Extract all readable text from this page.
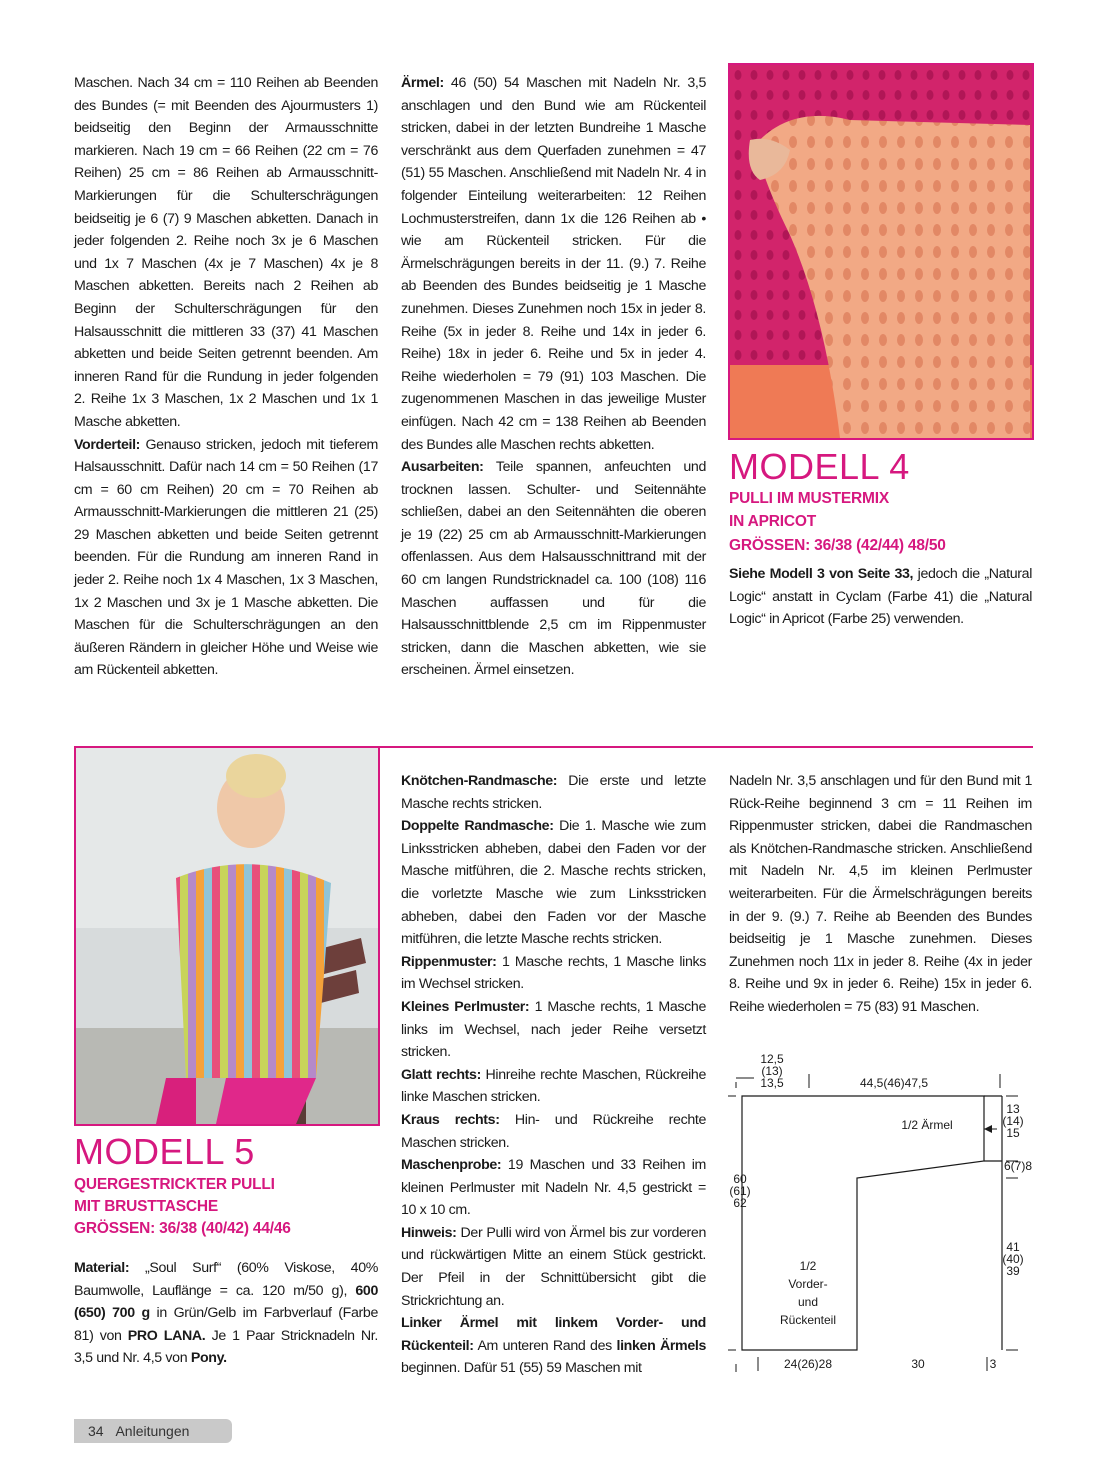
Maschen. Nach 34 cm = 110 Reihen ab Beenden des Bundes (= mit Beenden des Ajourmusters 1) beidseitig den Beginn der Armausschnitte markieren. Nach 19 cm = 66 Reihen (22 cm = 76 Reihen) 25 cm = 86 Reihen ab Armausschnitt-Markierungen für die Schulterschrägungen beidseitig je 6 (7) 9 Maschen abketten. Danach in jeder folgenden 2. Reihe noch 3x je 6 Maschen und 1x 7 Maschen (4x je 7 Maschen) 4x je 8 Maschen abketten. Bereits nach 2 Reihen ab Beginn der Schulterschrägungen für den Halsausschnitt die mittleren 33 (37) 41 Maschen abketten und beide Seiten getrennt beenden. Am inneren Rand für die Rundung in jeder folgenden 2. Reihe 1x 3 Maschen, 1x 2 Maschen und 1x 1 Masche abketten.

Vorderteil: Genauso stricken, jedoch mit tieferem Halsausschnitt. Dafür nach 14 cm = 50 Reihen (17 cm = 60 cm Reihen) 20 cm = 70 Reihen ab Armausschnitt-Markierungen die mittleren 21 (25) 29 Maschen abketten und beide Seiten getrennt beenden. Für die Rundung am inneren Rand in jeder 2. Reihe noch 1x 4 Maschen, 1x 3 Maschen, 1x 2 Maschen und 3x je 1 Masche abketten. Die Maschen für die Schulterschrägungen an den äußeren Rändern in gleicher Höhe und Weise wie am Rückenteil abketten.

Ärmel: 46 (50) 54 Maschen mit Nadeln Nr. 3,5 anschlagen und den Bund wie am Rückenteil stricken, dabei in der letzten Bundreihe 1 Masche verschränkt aus dem Querfaden zunehmen = 47 (51) 55 Maschen. Anschließend mit Nadeln Nr. 4 in folgender Einteilung weiterarbeiten: 12 Reihen Lochmusterstreifen, dann 1x die 126 Reihen ab • wie am Rückenteil stricken. Für die Ärmelschrägungen bereits in der 11. (9.) 7. Reihe ab Beenden des Bundes beidseitig je 1 Masche zunehmen. Dieses Zunehmen noch 15x in jeder 8. Reihe (5x in jeder 8. Reihe und 14x in jeder 6. Reihe) 18x in jeder 6. Reihe und 5x in jeder 4. Reihe wiederholen = 79 (91) 103 Maschen. Die zugenommenen Maschen in das jeweilige Muster einfügen. Nach 42 cm = 138 Reihen ab Beenden des Bundes alle Maschen rechts abketten.

Ausarbeiten: Teile spannen, anfeuchten und trocknen lassen. Schulter- und Seitennähte schließen, dabei an den Seitennähten die oberen je 19 (22) 25 cm ab Armausschnitt-Markierungen offenlassen. Aus dem Halsausschnittrand mit der 60 cm langen Rundstricknadel ca. 100 (108) 116 Maschen auffassen und für die Halsausschnittblende 2,5 cm im Rippenmuster stricken, dann die Maschen abketten, wie sie erscheinen. Ärmel einsetzen.

MODELL 4
PULLI IM MUSTERMIX
IN APRICOT
GRÖSSEN: 36/38 (42/44) 48/50

Siehe Modell 3 von Seite 33, jedoch die „Natural Logic“ anstatt in Cyclam (Farbe 41) die „Natural Logic“ in Apricot (Farbe 25) verwenden.

MODELL 5
QUERGESTRICKTER PULLI
MIT BRUSTTASCHE
GRÖSSEN: 36/38 (40/42) 44/46

Material: „Soul Surf“ (60% Viskose, 40% Baumwolle, Lauflänge = ca. 120 m/50 g), 600 (650) 700 g in Grün/Gelb im Farbverlauf (Farbe 81) von PRO LANA. Je 1 Paar Stricknadeln Nr. 3,5 und Nr. 4,5 von Pony.

Knötchen-Randmasche: Die erste und letzte Masche rechts stricken.

Doppelte Randmasche: Die 1. Masche wie zum Linksstricken abheben, dabei den Faden vor der Masche mitführen, die 2. Masche rechts stricken, die vorletzte Masche wie zum Linksstricken abheben, dabei den Faden vor der Masche mitführen, die letzte Masche rechts stricken.

Rippenmuster: 1 Masche rechts, 1 Masche links im Wechsel stricken.

Kleines Perlmuster: 1 Masche rechts, 1 Masche links im Wechsel, nach jeder Reihe versetzt stricken.

Glatt rechts: Hinreihe rechte Maschen, Rückreihe linke Maschen stricken.

Kraus rechts: Hin- und Rückreihe rechte Maschen stricken.

Maschenprobe: 19 Maschen und 33 Reihen im kleinen Perlmuster mit Nadeln Nr. 4,5 gestrickt = 10 x 10 cm.

Hinweis: Der Pulli wird von Ärmel bis zur vorderen und rückwärtigen Mitte an einem Stück gestrickt. Der Pfeil in der Schnittübersicht gibt die Strickrichtung an.

Linker Ärmel mit linkem Vorder- und Rückenteil: Am unteren Rand des linken Ärmels beginnen. Dafür 51 (55) 59 Maschen mit

Nadeln Nr. 3,5 anschlagen und für den Bund mit 1 Rück-Reihe beginnend 3 cm = 11 Reihen im Rippenmuster stricken, dabei die Randmaschen als Knötchen-Randmasche stricken. Anschließend mit Nadeln Nr. 4,5 im kleinen Perlmuster weiterarbeiten. Für die Ärmelschrägungen bereits in der 9. (9.) 7. Reihe ab Beenden des Bundes beidseitig je 1 Masche zunehmen. Dieses Zunehmen noch 11x in jeder 8. Reihe (4x in jeder 8. Reihe und 9x in jeder 6. Reihe) 15x in jeder 6. Reihe wiederholen = 75 (83) 91 Maschen.

12,5
(13)
13,5	44,5(46)47,5
1/2 Ärmel
13
(14)
15
6(7)8
60
(61)
62
41
(40)
39
1/2
Vorder-
und
Rückenteil
24(26)28	30	3
34 Anleitungen
